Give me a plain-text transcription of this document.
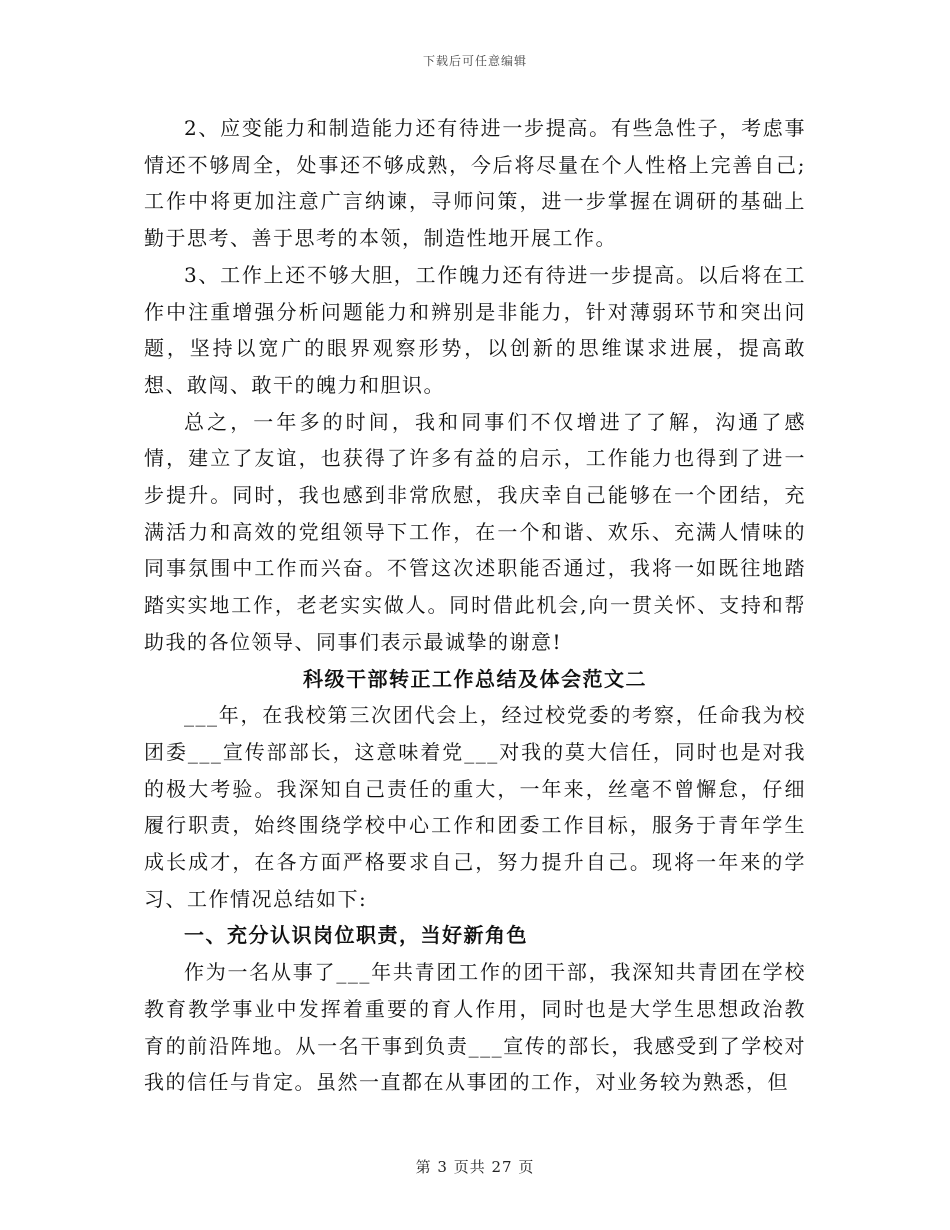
下载后可任意编辑

2、应变能力和制造能力还有待进一步提高。有些急性子，考虑事情还不够周全，处事还不够成熟，今后将尽量在个人性格上完善自己;工作中将更加注意广言纳谏，寻师问策，进一步掌握在调研的基础上勤于思考、善于思考的本领，制造性地开展工作。

3、工作上还不够大胆，工作魄力还有待进一步提高。以后将在工作中注重增强分析问题能力和辨别是非能力，针对薄弱环节和突出问题，坚持以宽广的眼界观察形势，以创新的思维谋求进展，提高敢想、敢闯、敢干的魄力和胆识。

总之，一年多的时间，我和同事们不仅增进了了解，沟通了感情，建立了友谊，也获得了许多有益的启示，工作能力也得到了进一步提升。同时，我也感到非常欣慰，我庆幸自己能够在一个团结，充满活力和高效的党组领导下工作，在一个和谐、欢乐、充满人情味的同事氛围中工作而兴奋。不管这次述职能否通过，我将一如既往地踏踏实实地工作，老老实实做人。同时借此机会,向一贯关怀、支持和帮助我的各位领导、同事们表示最诚挚的谢意!

科级干部转正工作总结及体会范文二

___年，在我校第三次团代会上，经过校党委的考察，任命我为校团委___宣传部部长，这意味着党___对我的莫大信任，同时也是对我的极大考验。我深知自己责任的重大，一年来，丝毫不曾懈怠，仔细履行职责，始终围绕学校中心工作和团委工作目标，服务于青年学生成长成才，在各方面严格要求自己，努力提升自己。现将一年来的学习、工作情况总结如下:

一、充分认识岗位职责，当好新角色

作为一名从事了___年共青团工作的团干部，我深知共青团在学校教育教学事业中发挥着重要的育人作用，同时也是大学生思想政治教育的前沿阵地。从一名干事到负责___宣传的部长，我感受到了学校对我的信任与肯定。虽然一直都在从事团的工作，对业务较为熟悉，但

第 3 页共 27 页
